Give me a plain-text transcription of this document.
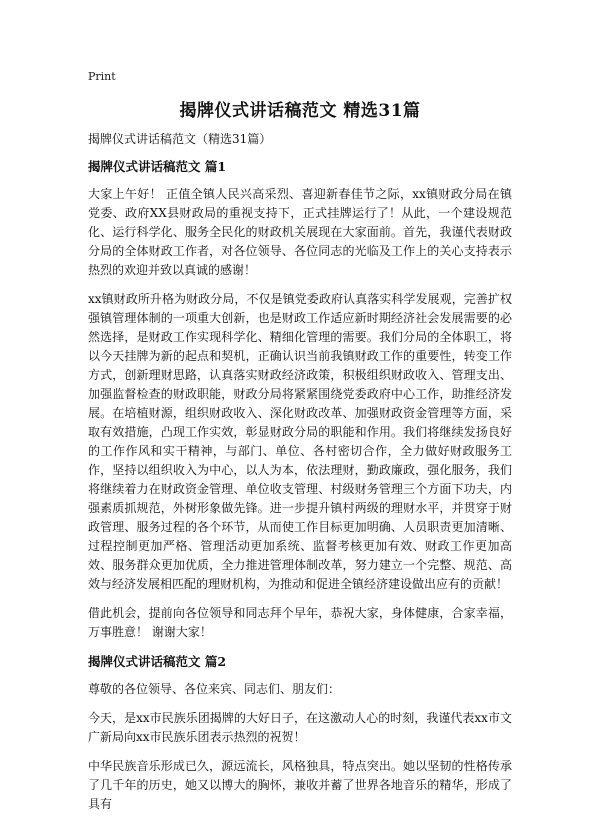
Print
揭牌仪式讲话稿范文 精选31篇
揭牌仪式讲话稿范文（精选31篇）
揭牌仪式讲话稿范文 篇1

大家上午好！ 正值全镇人民兴高采烈、喜迎新春佳节之际，xx镇财政分局在镇党委、政府XX县财政局的重视支持下，正式挂牌运行了！从此，一个建设规范化、运行科学化、服务全民化的财政机关展现在大家面前。首先，我谨代表财政分局的全体财政工作者，对各位领导、各位同志的光临及工作上的关心支持表示热烈的欢迎并致以真诚的感谢！

xx镇财政所升格为财政分局，不仅是镇党委政府认真落实科学发展观，完善扩权强镇管理体制的一项重大创新，也是财政工作适应新时期经济社会发展需要的必然选择，是财政工作实现科学化、精细化管理的需要。我们分局的全体职工，将以今天挂牌为新的起点和契机，正确认识当前我镇财政工作的重要性，转变工作方式，创新理财思路，认真落实财政经济政策，积极组织财政收入、管理支出、加强监督检查的财政职能，财政分局将紧紧围绕党委政府中心工作，助推经济发展。在培植财源，组织财政收入、深化财政改革、加强财政资金管理等方面，采取有效措施，凸现工作实效，彰显财政分局的职能和作用。我们将继续发扬良好的工作作风和实干精神，与部门、单位、各村密切合作，全力做好财政服务工作，坚持以组织收入为中心，以人为本，依法理财，勤政廉政，强化服务，我们将继续着力在财政资金管理、单位收支管理、村级财务管理三个方面下功夫，内强素质抓规范，外树形象做先锋。进一步提升镇村两级的理财水平，并贯穿于财政管理、服务过程的各个环节，从而使工作目标更加明确、人员职责更加清晰、过程控制更加严格、管理活动更加系统、监督考核更加有效、财政工作更加高效、服务群众更加优质，全力推进管理体制改革，努力建立一个完整、规范、高效与经济发展相匹配的理财机构，为推动和促进全镇经济建设做出应有的贡献！

借此机会，提前向各位领导和同志拜个早年，恭祝大家，身体健康，合家幸福，万事胜意！ 谢谢大家！

揭牌仪式讲话稿范文 篇2

尊敬的各位领导、各位来宾、同志们、朋友们：

今天，是xx市民族乐团揭牌的大好日子，在这激动人心的时刻，我谨代表xx市文广新局向xx市民族乐团表示热烈的祝贺！

中华民族音乐形成已久，源远流长，风格独具，特点突出。她以坚韧的性格传承了几千年的历史，她又以博大的胸怀，兼收并蓄了世界各地音乐的精华，形成了具有
